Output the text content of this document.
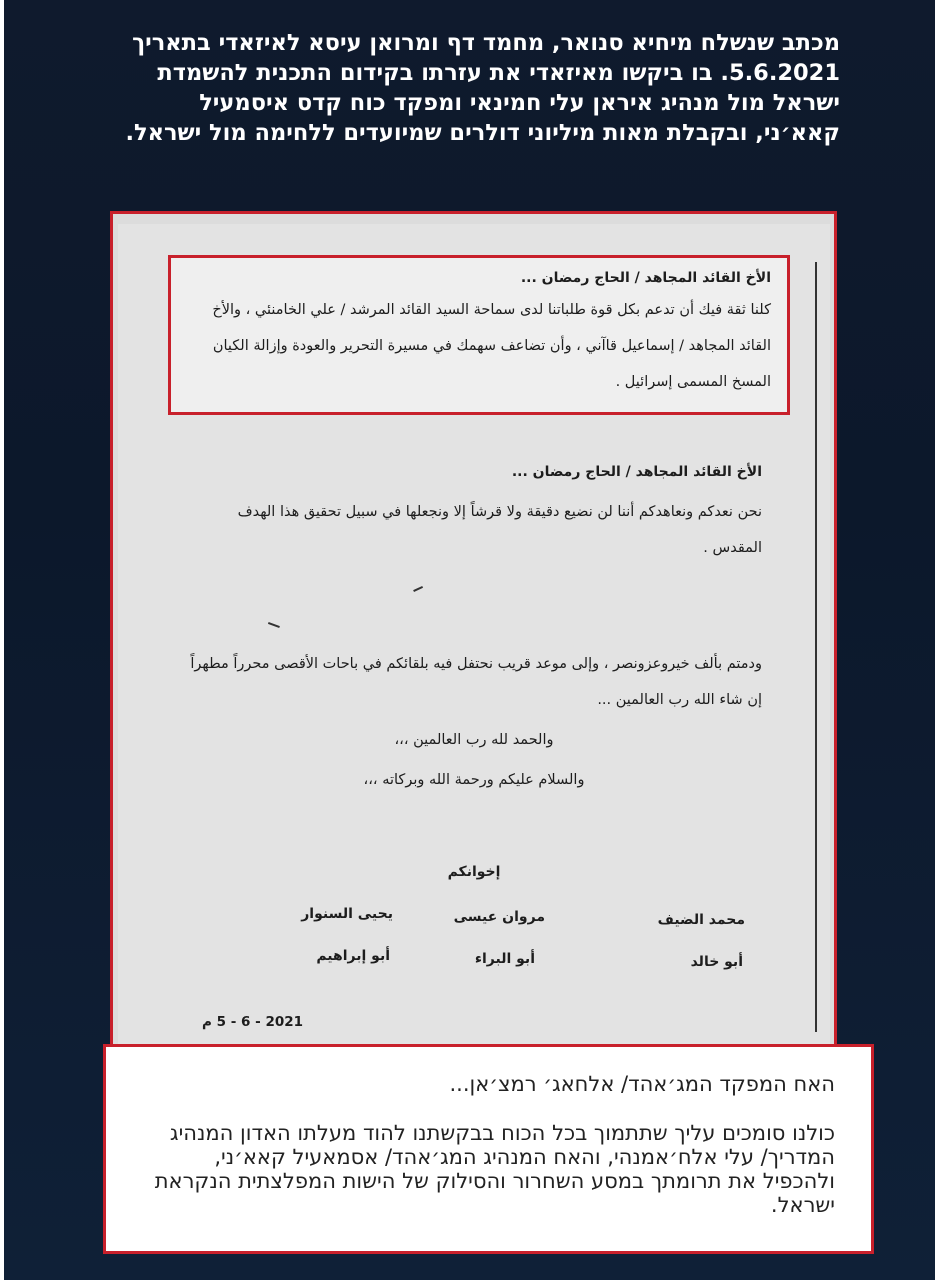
מכתב שנשלח מיחיא סנואר, מחמד דף ומרואן עיסא לאיזאדי בתאריך 5.6.2021. בו ביקשו מאיזאדי את עזרתו בקידום התכנית להשמדת ישראל מול מנהיג איראן עלי חמינאי ומפקד כוח קדס איסמעיל קאא׳ני, ובקבלת מאות מיליוני דולרים שמיועדים ללחימה מול ישראל.
الأخ القائد المجاهد / الحاج رمضان ...
كلنا ثقة فيك أن تدعم بكل قوة طلباتنا لدى سماحة السيد القائد المرشد / علي الخامنئي ، والأخ القائد المجاهد / إسماعيل قاآني ، وأن تضاعف سهمك في مسيرة التحرير والعودة وإزالة الكيان المسخ المسمى إسرائيل .
الأخ القائد المجاهد / الحاج رمضان ...
نحن نعدكم ونعاهدكم أننا لن نضيع دقيقة ولا قرشاً إلا ونجعلها في سبيل تحقيق هذا الهدف المقدس .
ودمتم بألف خيروعزونصر ، وإلى موعد قريب نحتفل فيه بلقائكم في باحات الأقصى محرراً مطهراً إن شاء الله رب العالمين ...
والحمد لله رب العالمين ،،،
والسلام عليكم ورحمة الله وبركاته ،،،
إخوانكم
محمد الضيف
أبو خالد
مروان عيسى
أبو البراء
يحيى السنوار
أبو إبراهيم
2021 - 6 - 5 م
האח המפקד המג׳אהד/ אלחאג׳ רמצ׳אן...
כולנו סומכים עליך שתתמוך בכל הכוח בבקשתנו להוד מעלתו האדון המנהיג המדריך/ עלי אלח׳אמנהי, והאח המנהיג המג׳אהד/ אסמאעיל קאא׳ני, ולהכפיל את תרומתך במסע השחרור והסילוק של הישות המפלצתית הנקראת ישראל.
